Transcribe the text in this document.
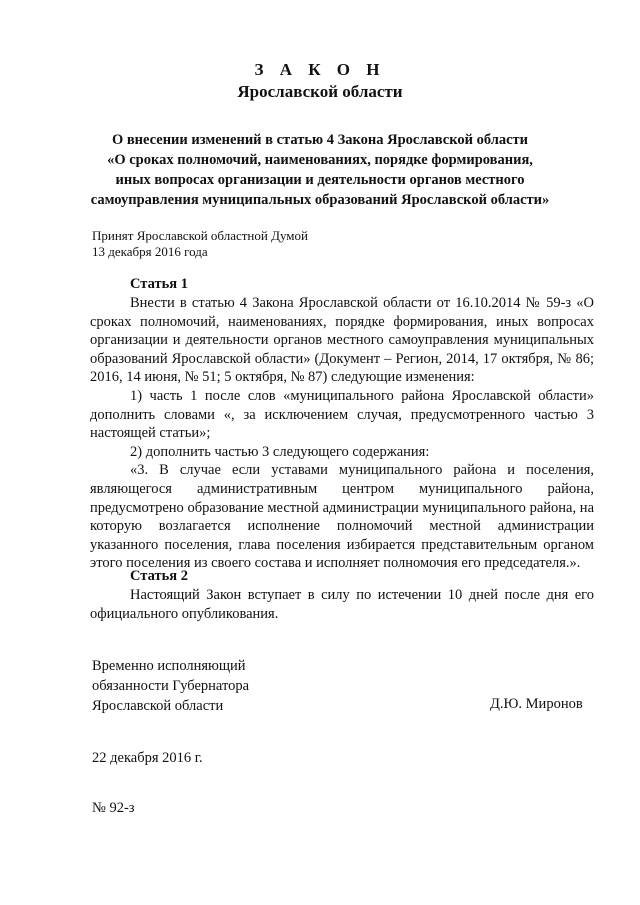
З А К О Н
Ярославской области
О внесении изменений в статью 4 Закона Ярославской области
«О сроках полномочий, наименованиях, порядке формирования,
иных вопросах организации и деятельности органов местного
самоуправления муниципальных образований Ярославской области»
Принят Ярославской областной Думой
13 декабря 2016 года
Статья 1

Внести в статью 4 Закона Ярославской области от 16.10.2014 № 59-з «О сроках полномочий, наименованиях, порядке формирования, иных вопросах организации и деятельности органов местного самоуправления муниципальных образований Ярославской области» (Документ – Регион, 2014, 17 октября, № 86; 2016, 14 июня, № 51; 5 октября, № 87) следующие изменения:

1) часть 1 после слов «муниципального района Ярославской области» дополнить словами «, за исключением случая, предусмотренного частью 3 настоящей статьи»;

2) дополнить частью 3 следующего содержания:

«3. В случае если уставами муниципального района и поселения, являющегося административным центром муниципального района, предусмотрено образование местной администрации муниципального района, на которую возлагается исполнение полномочий местной администрации указанного поселения, глава поселения избирается представительным органом этого поселения из своего состава и исполняет полномочия его председателя.».

Статья 2

Настоящий Закон вступает в силу по истечении 10 дней после дня его официального опубликования.

Временно исполняющий
обязанности Губернатора
Ярославской области	Д.Ю. Миронов
22 декабря 2016 г.
№ 92-з
